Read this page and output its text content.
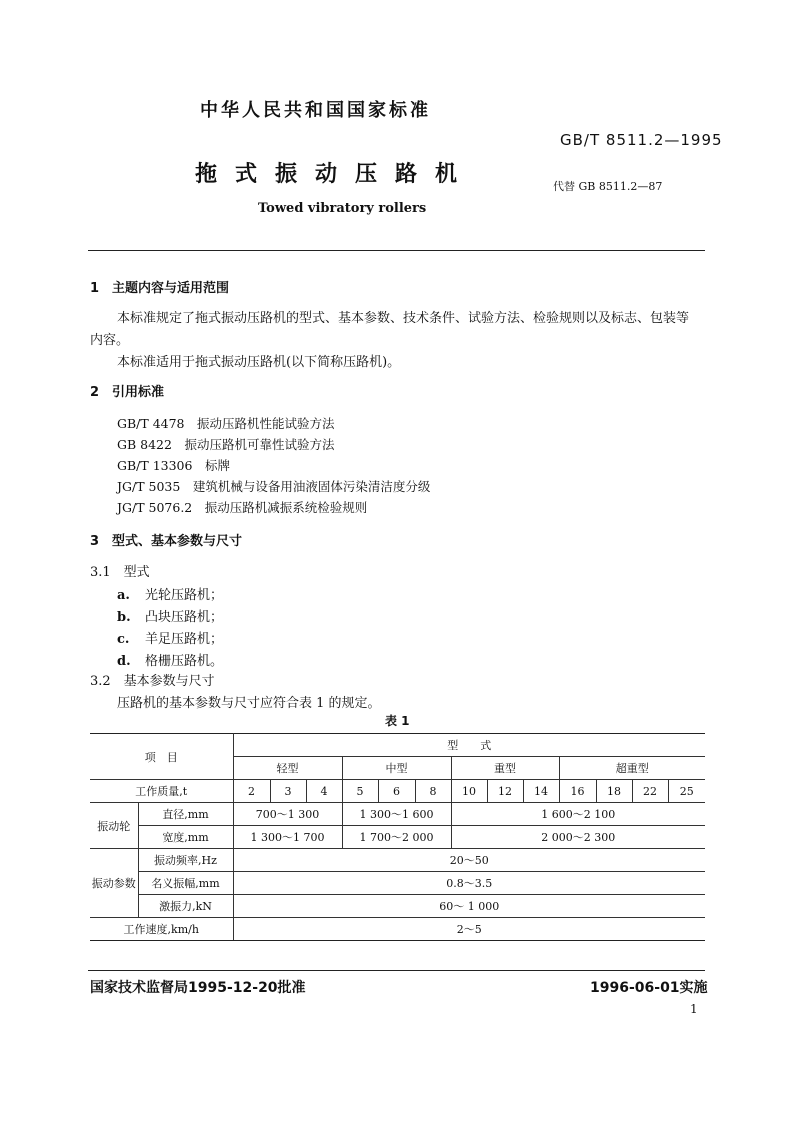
中华人民共和国国家标准
GB/T 8511.2—1995
拖式振动压路机	代替 GB 8511.2—87
Towed vibratory rollers
1　主题内容与适用范围
本标准规定了拖式振动压路机的型式、基本参数、技术条件、试验方法、检验规则以及标志、包装等
内容。
本标准适用于拖式振动压路机(以下简称压路机)。
2　引用标准
GB/T 4478　振动压路机性能试验方法
GB 8422　振动压路机可靠性试验方法
GB/T 13306　标牌
JG/T 5035　建筑机械与设备用油液固体污染清洁度分级
JG/T 5076.2　振动压路机减振系统检验规则
3　型式、基本参数与尺寸
3.1　型式
a. 光轮压路机；
b. 凸块压路机；
c. 羊足压路机；
d. 格栅压路机。
3.2　基本参数与尺寸
压路机的基本参数与尺寸应符合表 1 的规定。
表 1
项　目		型　　式												
		轻型			中型			重型			超重型			
工作质量,t		2	3	4	5	6	8	10	12	14	16	18	22	25
振动轮	直径,mm	700～1 300			1 300～1 600			1 600～2 100						
	宽度,mm	1 300～1 700			1 700～2 000			2 000～2 300						
振动参数	振动频率,Hz	20～50												
	名义振幅,mm	0.8～3.5												
	激振力,kN	60～ 1 000												
工作速度,km/h		2～5												
国家技术监督局1995-12-20批准	1996-06-01实施
1
